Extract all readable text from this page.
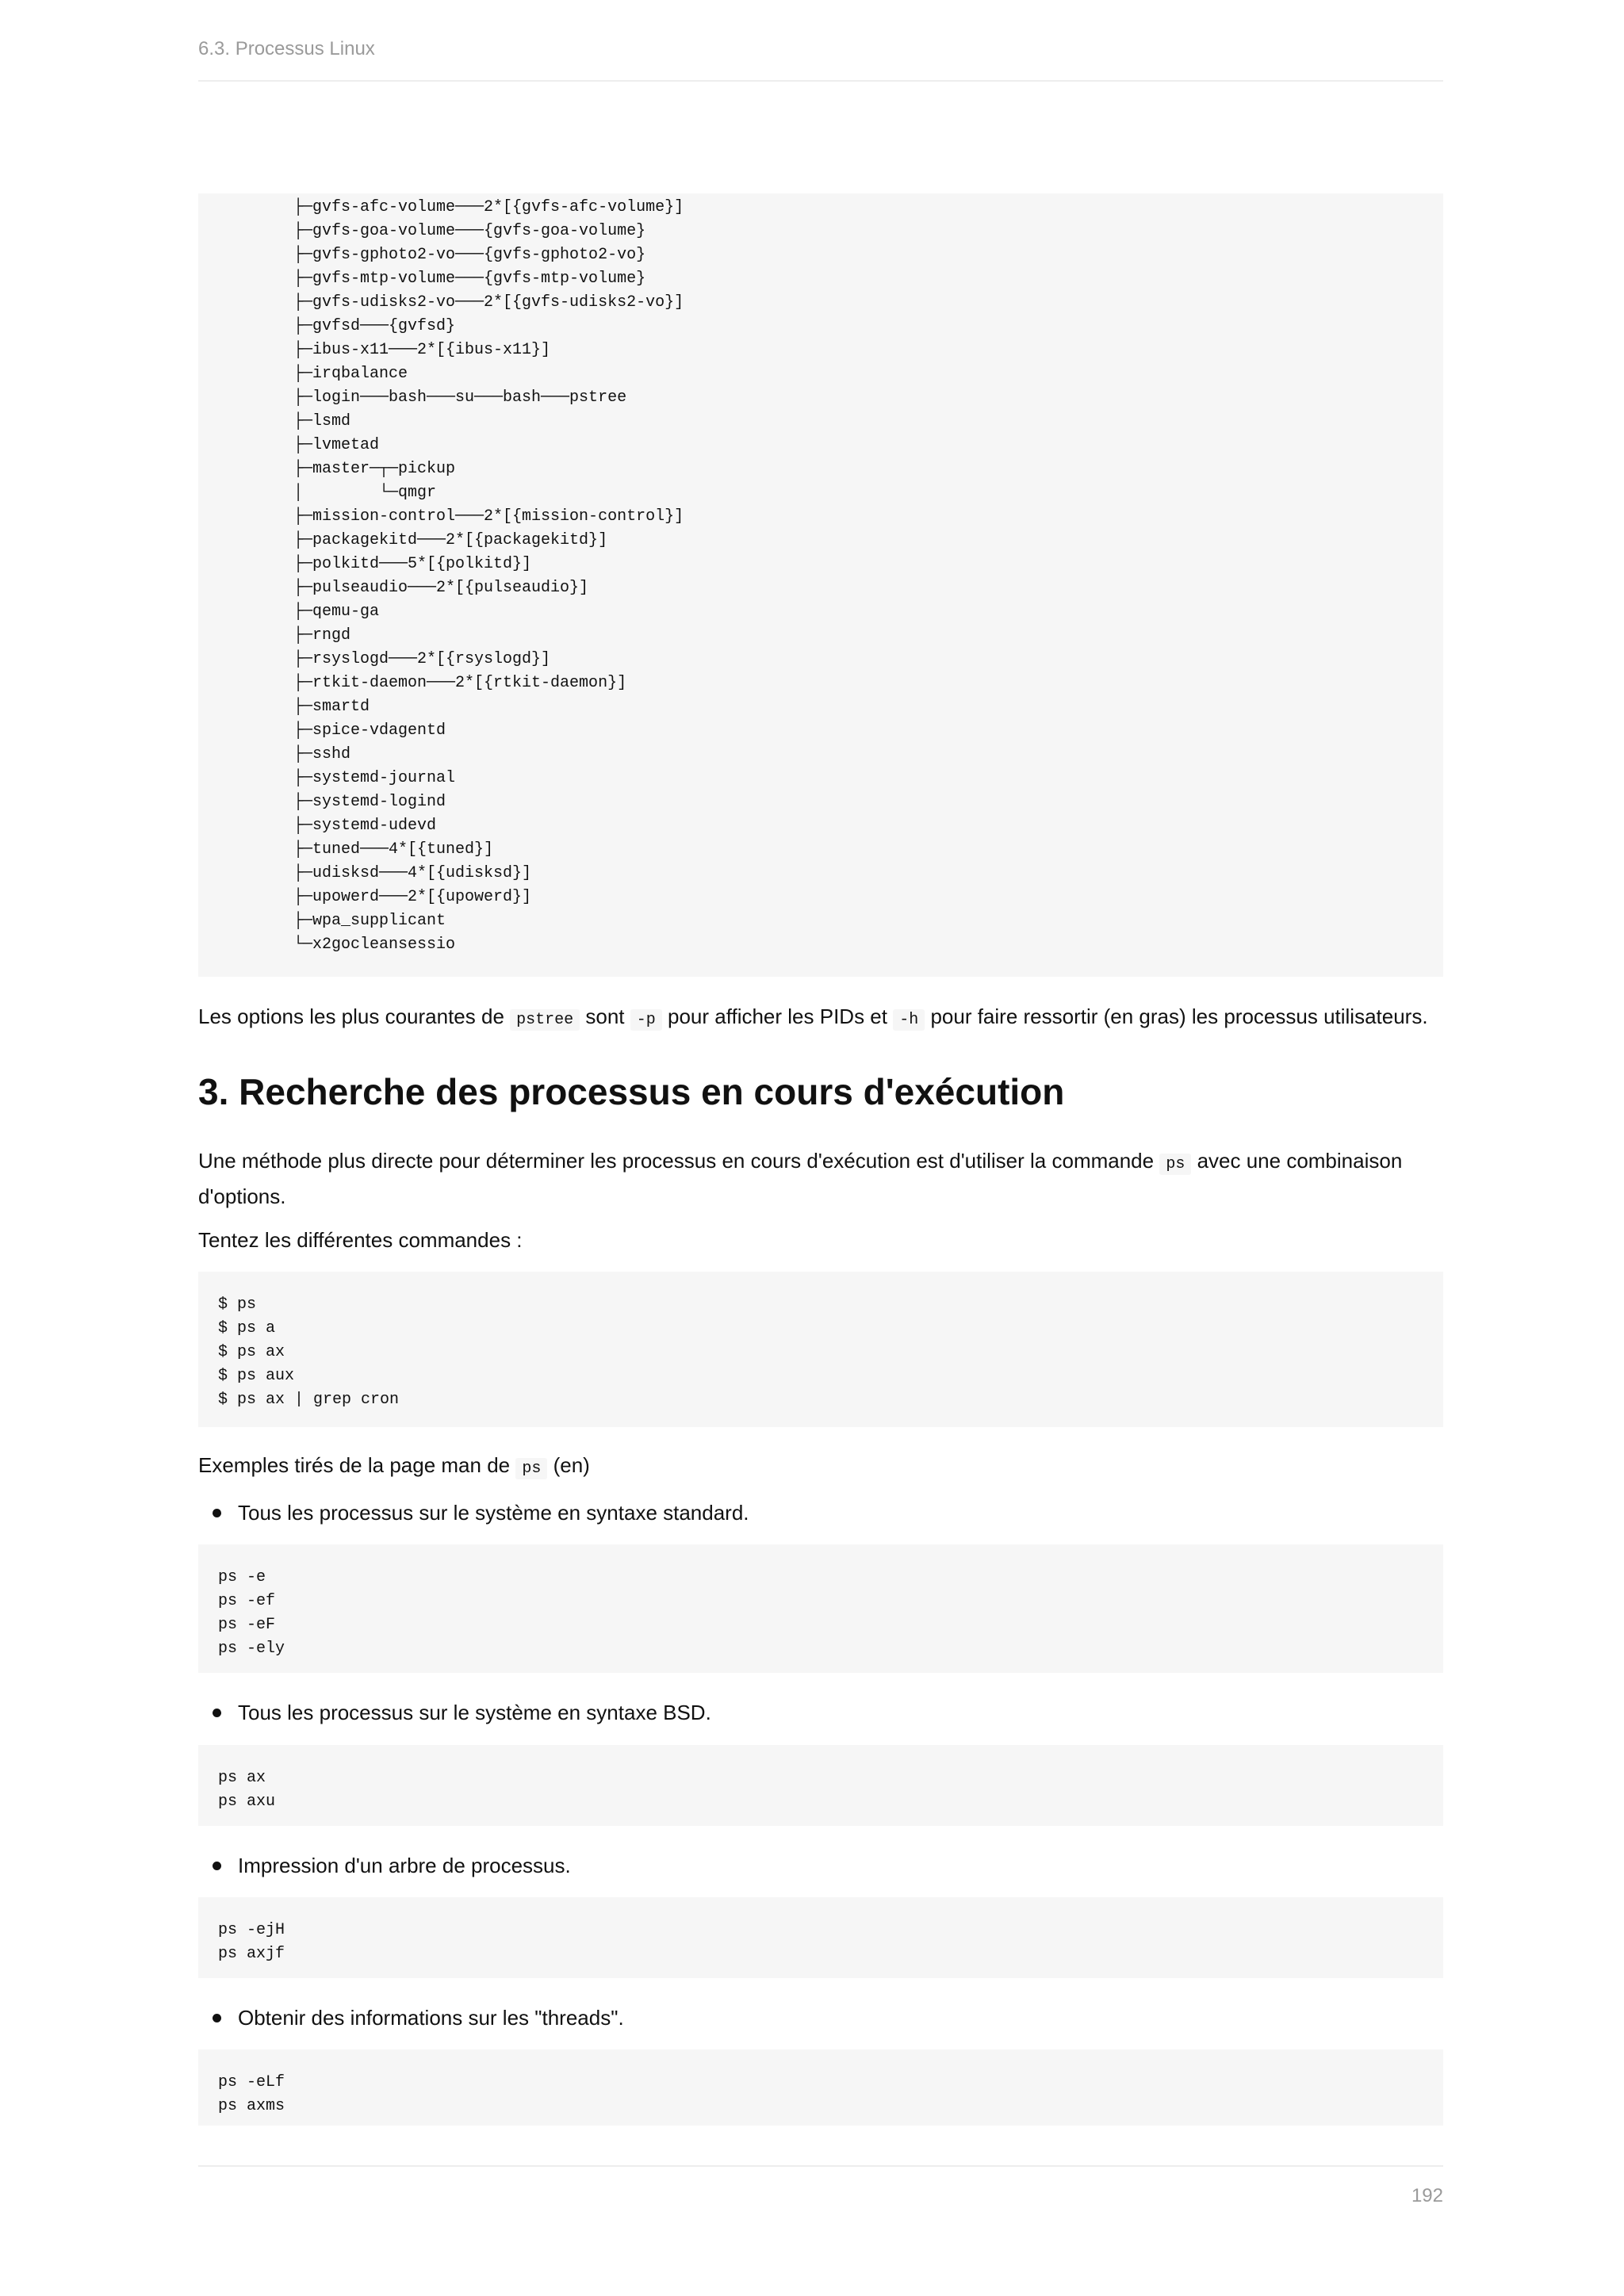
6.3. Processus Linux
├─gvfs-afc-volume───2*[{gvfs-afc-volume}]
├─gvfs-goa-volume───{gvfs-goa-volume}
├─gvfs-gphoto2-vo───{gvfs-gphoto2-vo}
├─gvfs-mtp-volume───{gvfs-mtp-volume}
├─gvfs-udisks2-vo───2*[{gvfs-udisks2-vo}]
├─gvfsd───{gvfsd}
├─ibus-x11───2*[{ibus-x11}]
├─irqbalance
├─login───bash───su───bash───pstree
├─lsmd
├─lvmetad
├─master─┬─pickup
│        └─qmgr
├─mission-control───2*[{mission-control}]
├─packagekitd───2*[{packagekitd}]
├─polkitd───5*[{polkitd}]
├─pulseaudio───2*[{pulseaudio}]
├─qemu-ga
├─rngd
├─rsyslogd───2*[{rsyslogd}]
├─rtkit-daemon───2*[{rtkit-daemon}]
├─smartd
├─spice-vdagentd
├─sshd
├─systemd-journal
├─systemd-logind
├─systemd-udevd
├─tuned───4*[{tuned}]
├─udisksd───4*[{udisksd}]
├─upowerd───2*[{upowerd}]
├─wpa_supplicant
└─x2gocleansessio

Les options les plus courantes de pstree sont -p pour afficher les PIDs et -h pour faire ressortir (en gras) les processus utilisateurs.

3. Recherche des processus en cours d'exécution

Une méthode plus directe pour déterminer les processus en cours d'exécution est d'utiliser la commande ps avec une combinaison d'options.

Tentez les différentes commandes :

$ ps
$ ps a
$ ps ax
$ ps aux
$ ps ax | grep cron

Exemples tirés de la page man de ps (en)

Tous les processus sur le système en syntaxe standard.
ps -e
ps -ef
ps -eF
ps -ely
Tous les processus sur le système en syntaxe BSD.
ps ax
ps axu
Impression d'un arbre de processus.
ps -ejH
ps axjf
Obtenir des informations sur les "threads".
ps -eLf
ps axms
192
